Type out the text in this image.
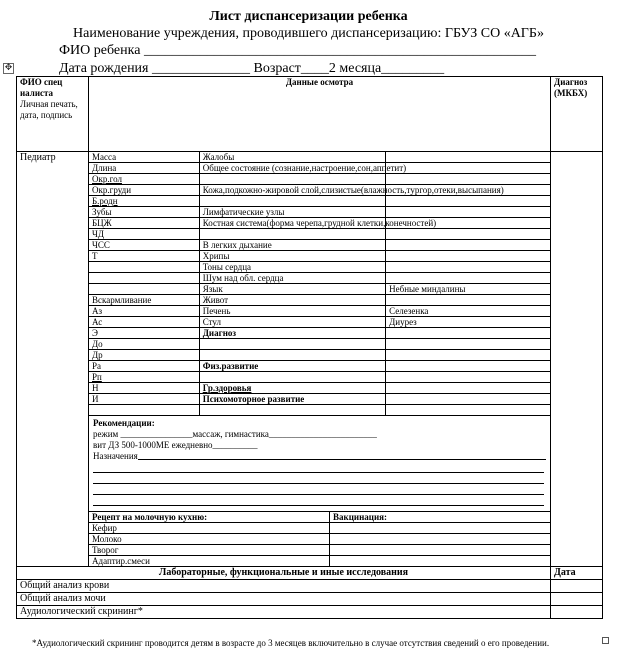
Лист диспансеризации ребенка
Наименование учреждения, проводившего диспансеризацию: ГБУЗ СО «АГБ»
ФИО ребенка ________________________________________________________
Дата рождения ______________ Возраст____2 месяца_________
✥
ФИО специалиста
Личная печать, дата, подпись
	Данные осмотра	Диагноз (МКБХ)
Педиатр		Масса	Жалобы	
Длина	Общее состояние (сознание,настроение,сон,аппетит)	
Окр.гол		
Окр.груди	Кожа,подкожно-жировой слой,слизистые(влажность,тургор,отеки,высыпания)	
Б.родн		
Зубы	Лимфатические узлы	
БЦЖ	Костная система(форма черепа,грудной клетки,конечностей)	
ЧД		
ЧСС	В легких дыхание	
Т	Хрипы	
	Тоны сердца	
	Шум над обл. сердца	
	Язык	Небные миндалины
Вскармливание	Живот	
Аз	Печень	Селезенка
Ас	Стул	Диурез
Э	Диагноз	
До		
Др		
Ра	Физ.развитие	
Рп		
Н	Гр.здоровья	
И	Психомоторное развитие	

Рекомендации:
режим ________________массаж, гимнастика________________________
вит ДЗ 500-1000МЕ ежедневно__________
Назначения
Рецепт на молочную кухню:	Вакцинация:
Кефир	
Молоко	
Творог	
Адаптир.смеси	

Лабораторные, функциональные и иные исследования	Дата
Общий анализ крови	
Общий анализ мочи	
Аудиологический скрининг*	
*Аудиологический скрининг проводится детям в возрасте до 3 месяцев включительно в случае отсутствия сведений о его проведении.
